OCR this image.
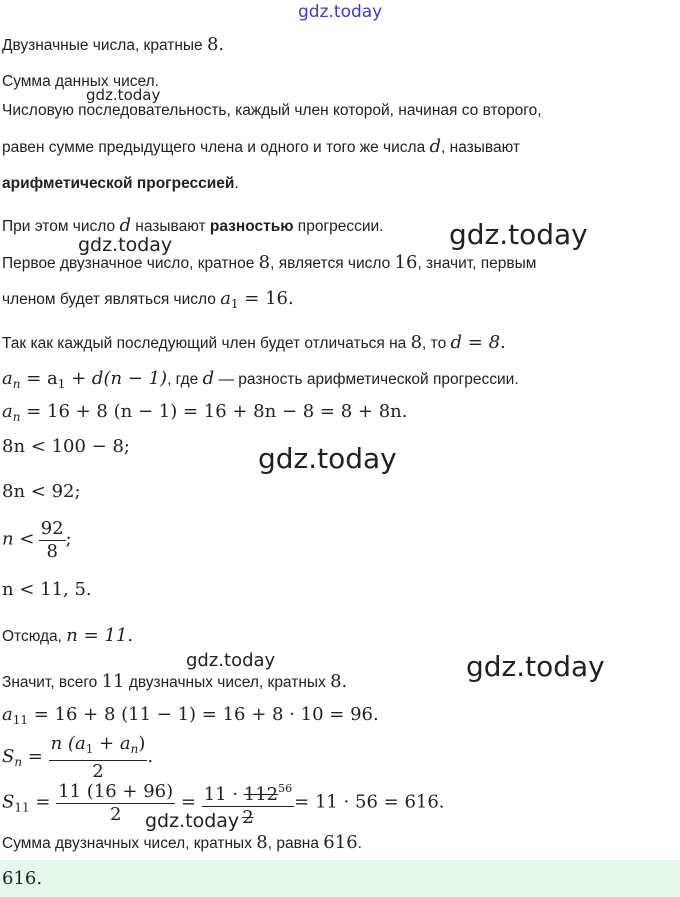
gdz.today
gdz.today
gdz.today
gdz.today
gdz.today
gdz.today	gdz.today
gdz.today
Двузначные числа, кратные 8.
Сумма данных чисел.
Числовую последовательность, каждый член которой, начиная со второго,
равен сумме предыдущего члена и одного и того же числа d, называют
арифметической прогрессией.
При этом число d называют разностью прогрессии.
Первое двузначное число, кратное 8, является число 16, значит, первым
членом будет являться число $a_1 = 16$.
Так как каждый последующий член будет отличаться на 8, то d = 8.
$a_n = a_1 + d(n - 1)$, где d — разность арифметической прогрессии.
$a_n = 16 + 8$ (n − 1) = 16 + 8n − 8 = 8 + 8n.
8n < 100 − 8;
8n < 92;
$n < \frac{92}{8}$ ;
n < 11, 5.
Отсюда, n = 11.
Значит, всего 11 двузначных чисел, кратных 8.
$a_{11} = 16 + 8$ (11 − 1) = 16 + 8 · 10 = 96.
$S_n = \frac{n (a_1 + a_n)}{2}$ .
$S_{11} = \frac{11 (16 + 96)}{2} = \frac{11 \cdot 112^{56}}{2} = 11 \cdot 56 = 616$.
Сумма двузначных чисел, кратных 8, равна 616.
616.
